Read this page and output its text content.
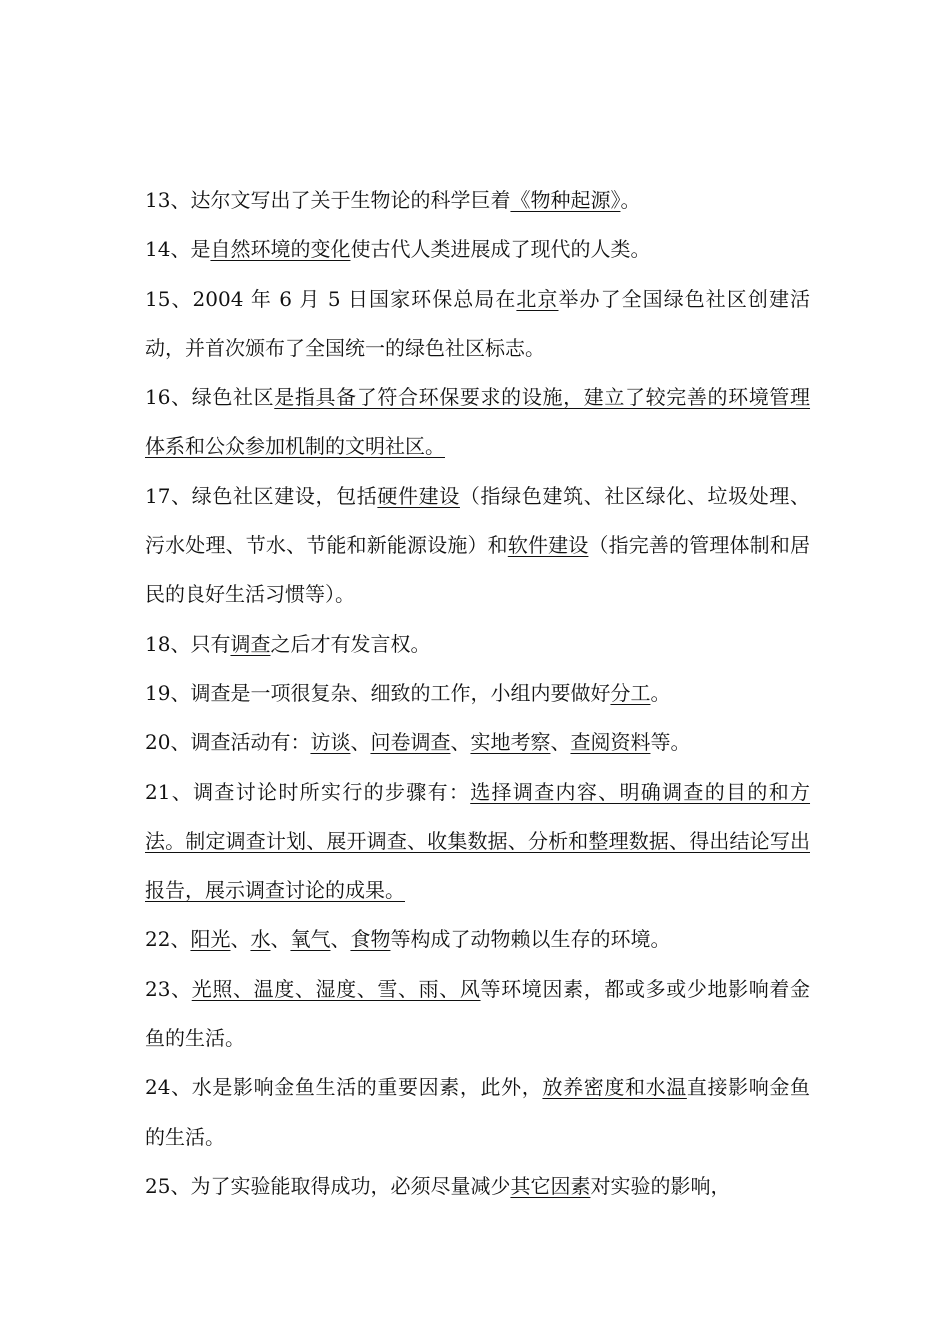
13、达尔文写出了关于生物论的科学巨着《物种起源》。

14、是自然环境的变化使古代人类进展成了现代的人类。

15、2004 年 6 月 5 日国家环保总局在北京举办了全国绿色社区创建活动，并首次颁布了全国统一的绿色社区标志。

16、绿色社区是指具备了符合环保要求的设施，建立了较完善的环境管理体系和公众参加机制的文明社区。

17、绿色社区建设，包括硬件建设（指绿色建筑、社区绿化、垃圾处理、污水处理、节水、节能和新能源设施）和软件建设（指完善的管理体制和居民的良好生活习惯等）。

18、只有调查之后才有发言权。

19、调查是一项很复杂、细致的工作，小组内要做好分工。

20、调查活动有：访谈、问卷调查、实地考察、查阅资料等。

21、调查讨论时所实行的步骤有：选择调查内容、明确调查的目的和方法。制定调查计划、展开调查、收集数据、分析和整理数据、得出结论写出报告，展示调查讨论的成果。

22、阳光、水、氧气、食物等构成了动物赖以生存的环境。

23、光照、温度、湿度、雪、雨、风等环境因素，都或多或少地影响着金鱼的生活。

24、水是影响金鱼生活的重要因素，此外，放养密度和水温直接影响金鱼的生活。

25、为了实验能取得成功，必须尽量减少其它因素对实验的影响，
